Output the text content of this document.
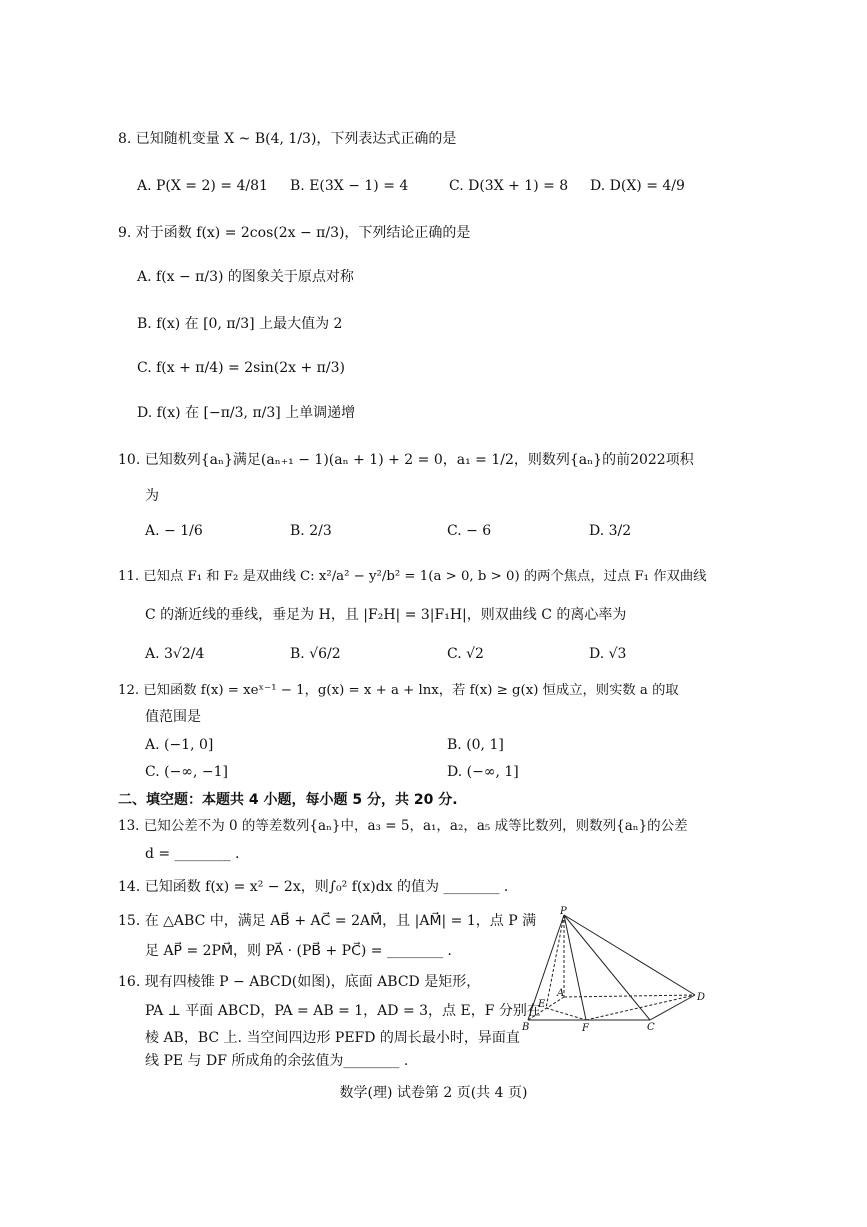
8. 已知随机变量 X ~ B(4, 1/3)，下列表达式正确的是
A. P(X = 2) = 4/81 B. E(3X − 1) = 4	C. D(3X + 1) = 8 D. D(X) = 4/9
9. 对于函数 f(x) = 2cos(2x − π/3)，下列结论正确的是
A. f(x − π/3) 的图象关于原点对称
B. f(x) 在 [0, π/3] 上最大值为 2
C. f(x + π/4) = 2sin(2x + π/3)
D. f(x) 在 [−π/3, π/3] 上单调递增
10. 已知数列{aₙ}满足(aₙ₊₁ − 1)(aₙ + 1) + 2 = 0，a₁ = 1/2，则数列{aₙ}的前2022项积
为
A. − 1/6	B. 2/3	C. − 6	D. 3/2
11. 已知点 F₁ 和 F₂ 是双曲线 C: x²/a² − y²/b² = 1(a > 0, b > 0) 的两个焦点，过点 F₁ 作双曲线
C 的渐近线的垂线，垂足为 H，且 |F₂H| = 3|F₁H|，则双曲线 C 的离心率为
A. 3√2/4	B. √6/2	C. √2	D. √3
12. 已知函数 f(x) = xeˣ⁻¹ − 1，g(x) = x + a + lnx，若 f(x) ≥ g(x) 恒成立，则实数 a 的取
值范围是
A. (−1, 0]	B. (0, 1]
C. (−∞, −1]	D. (−∞, 1]
二、填空题：本题共 4 小题，每小题 5 分，共 20 分.
13. 已知公差不为 0 的等差数列{aₙ}中，a₃ = 5，a₁，a₂，a₅ 成等比数列，则数列{aₙ}的公差
d = ________ .
14. 已知函数 f(x) = x² − 2x，则∫₀² f(x)dx 的值为 ________ .
15. 在 △ABC 中，满足 AB⃗ + AC⃗ = 2AM⃗，且 |AM⃗| = 1，点 P 满
足 AP⃗ = 2PM⃗，则 PA⃗ · (PB⃗ + PC⃗) = ________ .
16. 现有四棱锥 P − ABCD(如图)，底面 ABCD 是矩形，
PA ⊥ 平面 ABCD，PA = AB = 1，AD = 3，点 E，F 分别在
棱 AB，BC 上. 当空间四边形 PEFD 的周长最小时，异面直
线 PE 与 DF 所成角的余弦值为________ .
P
A
B	C
D
E
F
数学(理) 试卷第 2 页(共 4 页)
